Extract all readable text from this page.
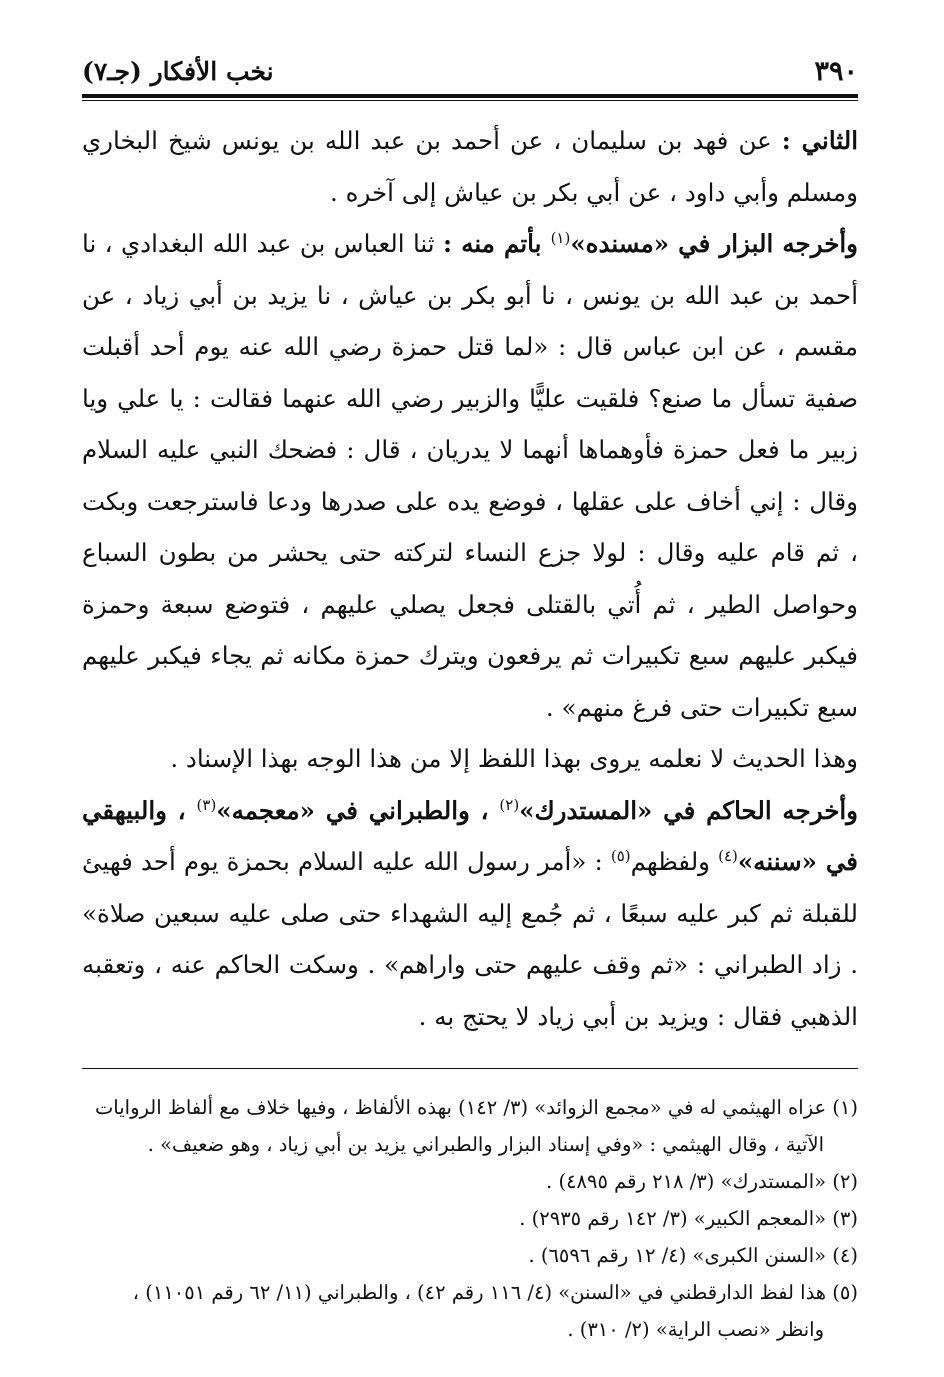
٣٩٠
نخب الأفكار (جـ٧)

الثاني : عن فهد بن سليمان ، عن أحمد بن عبد الله بن يونس شيخ البخاري ومسلم وأبي داود ، عن أبي بكر بن عياش إلى آخره .

وأخرجه البزار في «مسنده»$^{(١)}$ بأتم منه : ثنا العباس بن عبد الله البغدادي ، نا أحمد بن عبد الله بن يونس ، نا أبو بكر بن عياش ، نا يزيد بن أبي زياد ، عن مقسم ، عن ابن عباس قال : «لما قتل حمزة رضي الله عنه يوم أحد أقبلت صفية تسأل ما صنع؟ فلقيت عليًّا والزبير رضي الله عنهما فقالت : يا علي ويا زبير ما فعل حمزة فأوهماها أنهما لا يدريان ، قال : فضحك النبي عليه السلام وقال : إني أخاف على عقلها ، فوضع يده على صدرها ودعا فاسترجعت وبكت ، ثم قام عليه وقال : لولا جزع النساء لتركته حتى يحشر من بطون السباع وحواصل الطير ، ثم أُتي بالقتلى فجعل يصلي عليهم ، فتوضع سبعة وحمزة فيكبر عليهم سبع تكبيرات ثم يرفعون ويترك حمزة مكانه ثم يجاء فيكبر عليهم سبع تكبيرات حتى فرغ منهم» .

وهذا الحديث لا نعلمه يروى بهذا اللفظ إلا من هذا الوجه بهذا الإسناد .

وأخرجه الحاكم في «المستدرك»$^{(٢)}$ ، والطبراني في «معجمه»$^{(٣)}$ ، والبيهقي في «سننه»$^{(٤)}$ ولفظهم$^{(٥)}$ : «أمر رسول الله عليه السلام بحمزة يوم أحد فهيئ للقبلة ثم كبر عليه سبعًا ، ثم جُمع إليه الشهداء حتى صلى عليه سبعين صلاة» . زاد الطبراني : «ثم وقف عليهم حتى واراهم» . وسكت الحاكم عنه ، وتعقبه الذهبي فقال : ويزيد بن أبي زياد لا يحتج به .

(١) عزاه الهيثمي له في «مجمع الزوائد» (٣/ ١٤٢) بهذه الألفاظ ، وفيها خلاف مع ألفاظ الروايات

الآتية ، وقال الهيثمي : «وفي إسناد البزار والطبراني يزيد بن أبي زياد ، وهو ضعيف» .

(٢) «المستدرك» (٣/ ٢١٨ رقم ٤٨٩٥) .

(٣) «المعجم الكبير» (٣/ ١٤٢ رقم ٢٩٣٥) .

(٤) «السنن الكبرى» (٤/ ١٢ رقم ٦٥٩٦) .

(٥) هذا لفظ الدارقطني في «السنن» (٤/ ١١٦ رقم ٤٢) ، والطبراني (١١/ ٦٢ رقم ١١٠٥١) ،

وانظر «نصب الراية» (٢/ ٣١٠) .
